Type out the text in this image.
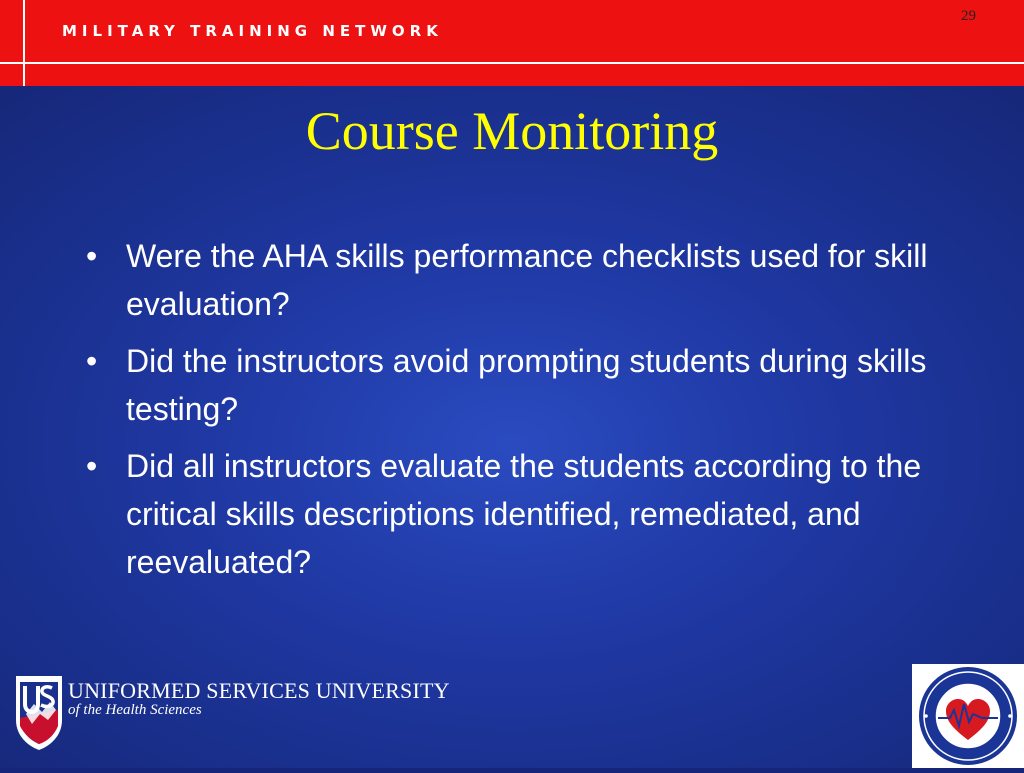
MILITARY TRAINING NETWORK
29
Course Monitoring
• Were the AHA skills performance checklists used for skill evaluation?
• Did the instructors avoid prompting students during skills testing?
• Did all instructors evaluate the students according to the critical skills descriptions identified, remediated, and reevaluated?
UNIFORMED SERVICES UNIVERSITY
of the Health Sciences
